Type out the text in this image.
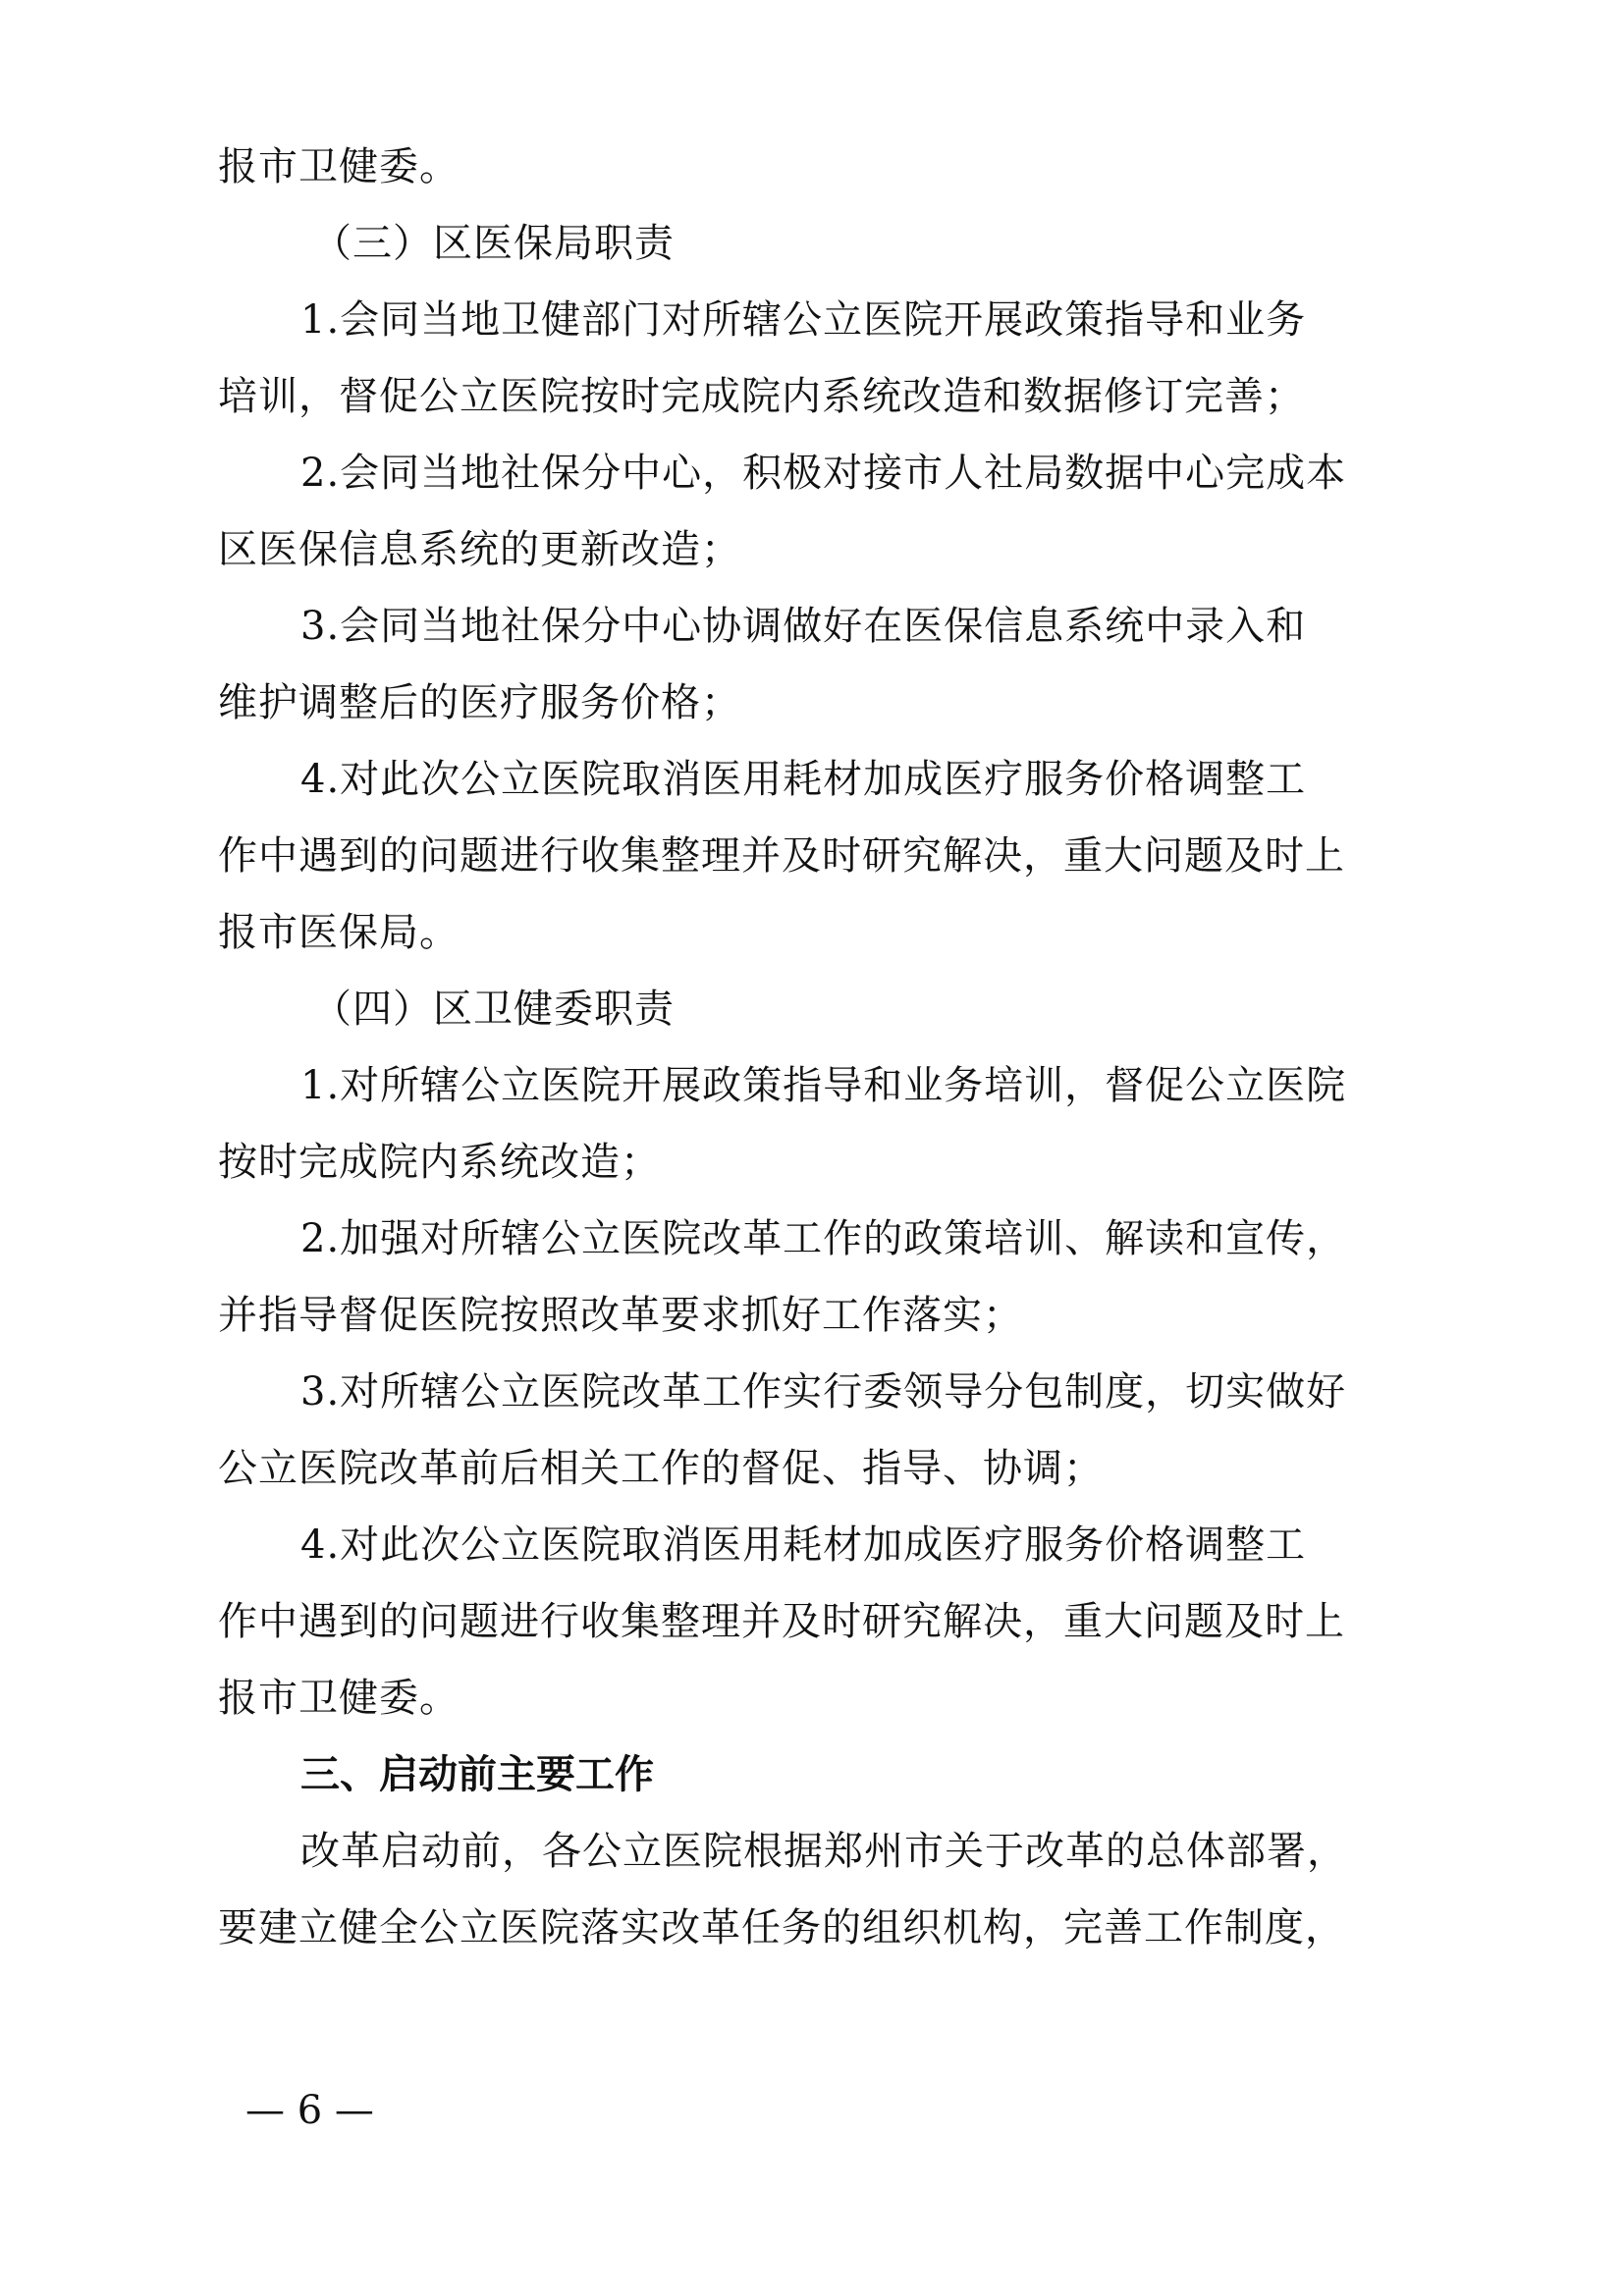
报市卫健委。
（三）区医保局职责
1.会同当地卫健部门对所辖公立医院开展政策指导和业务
培训，督促公立医院按时完成院内系统改造和数据修订完善；
2.会同当地社保分中心，积极对接市人社局数据中心完成本
区医保信息系统的更新改造；
3.会同当地社保分中心协调做好在医保信息系统中录入和
维护调整后的医疗服务价格；
4.对此次公立医院取消医用耗材加成医疗服务价格调整工
作中遇到的问题进行收集整理并及时研究解决，重大问题及时上
报市医保局。
（四）区卫健委职责
1.对所辖公立医院开展政策指导和业务培训，督促公立医院
按时完成院内系统改造；
2.加强对所辖公立医院改革工作的政策培训、解读和宣传，
并指导督促医院按照改革要求抓好工作落实；
3.对所辖公立医院改革工作实行委领导分包制度，切实做好
公立医院改革前后相关工作的督促、指导、协调；
4.对此次公立医院取消医用耗材加成医疗服务价格调整工
作中遇到的问题进行收集整理并及时研究解决，重大问题及时上
报市卫健委。
三、启动前主要工作
改革启动前，各公立医院根据郑州市关于改革的总体部署，
要建立健全公立医院落实改革任务的组织机构，完善工作制度，
— 6 —
